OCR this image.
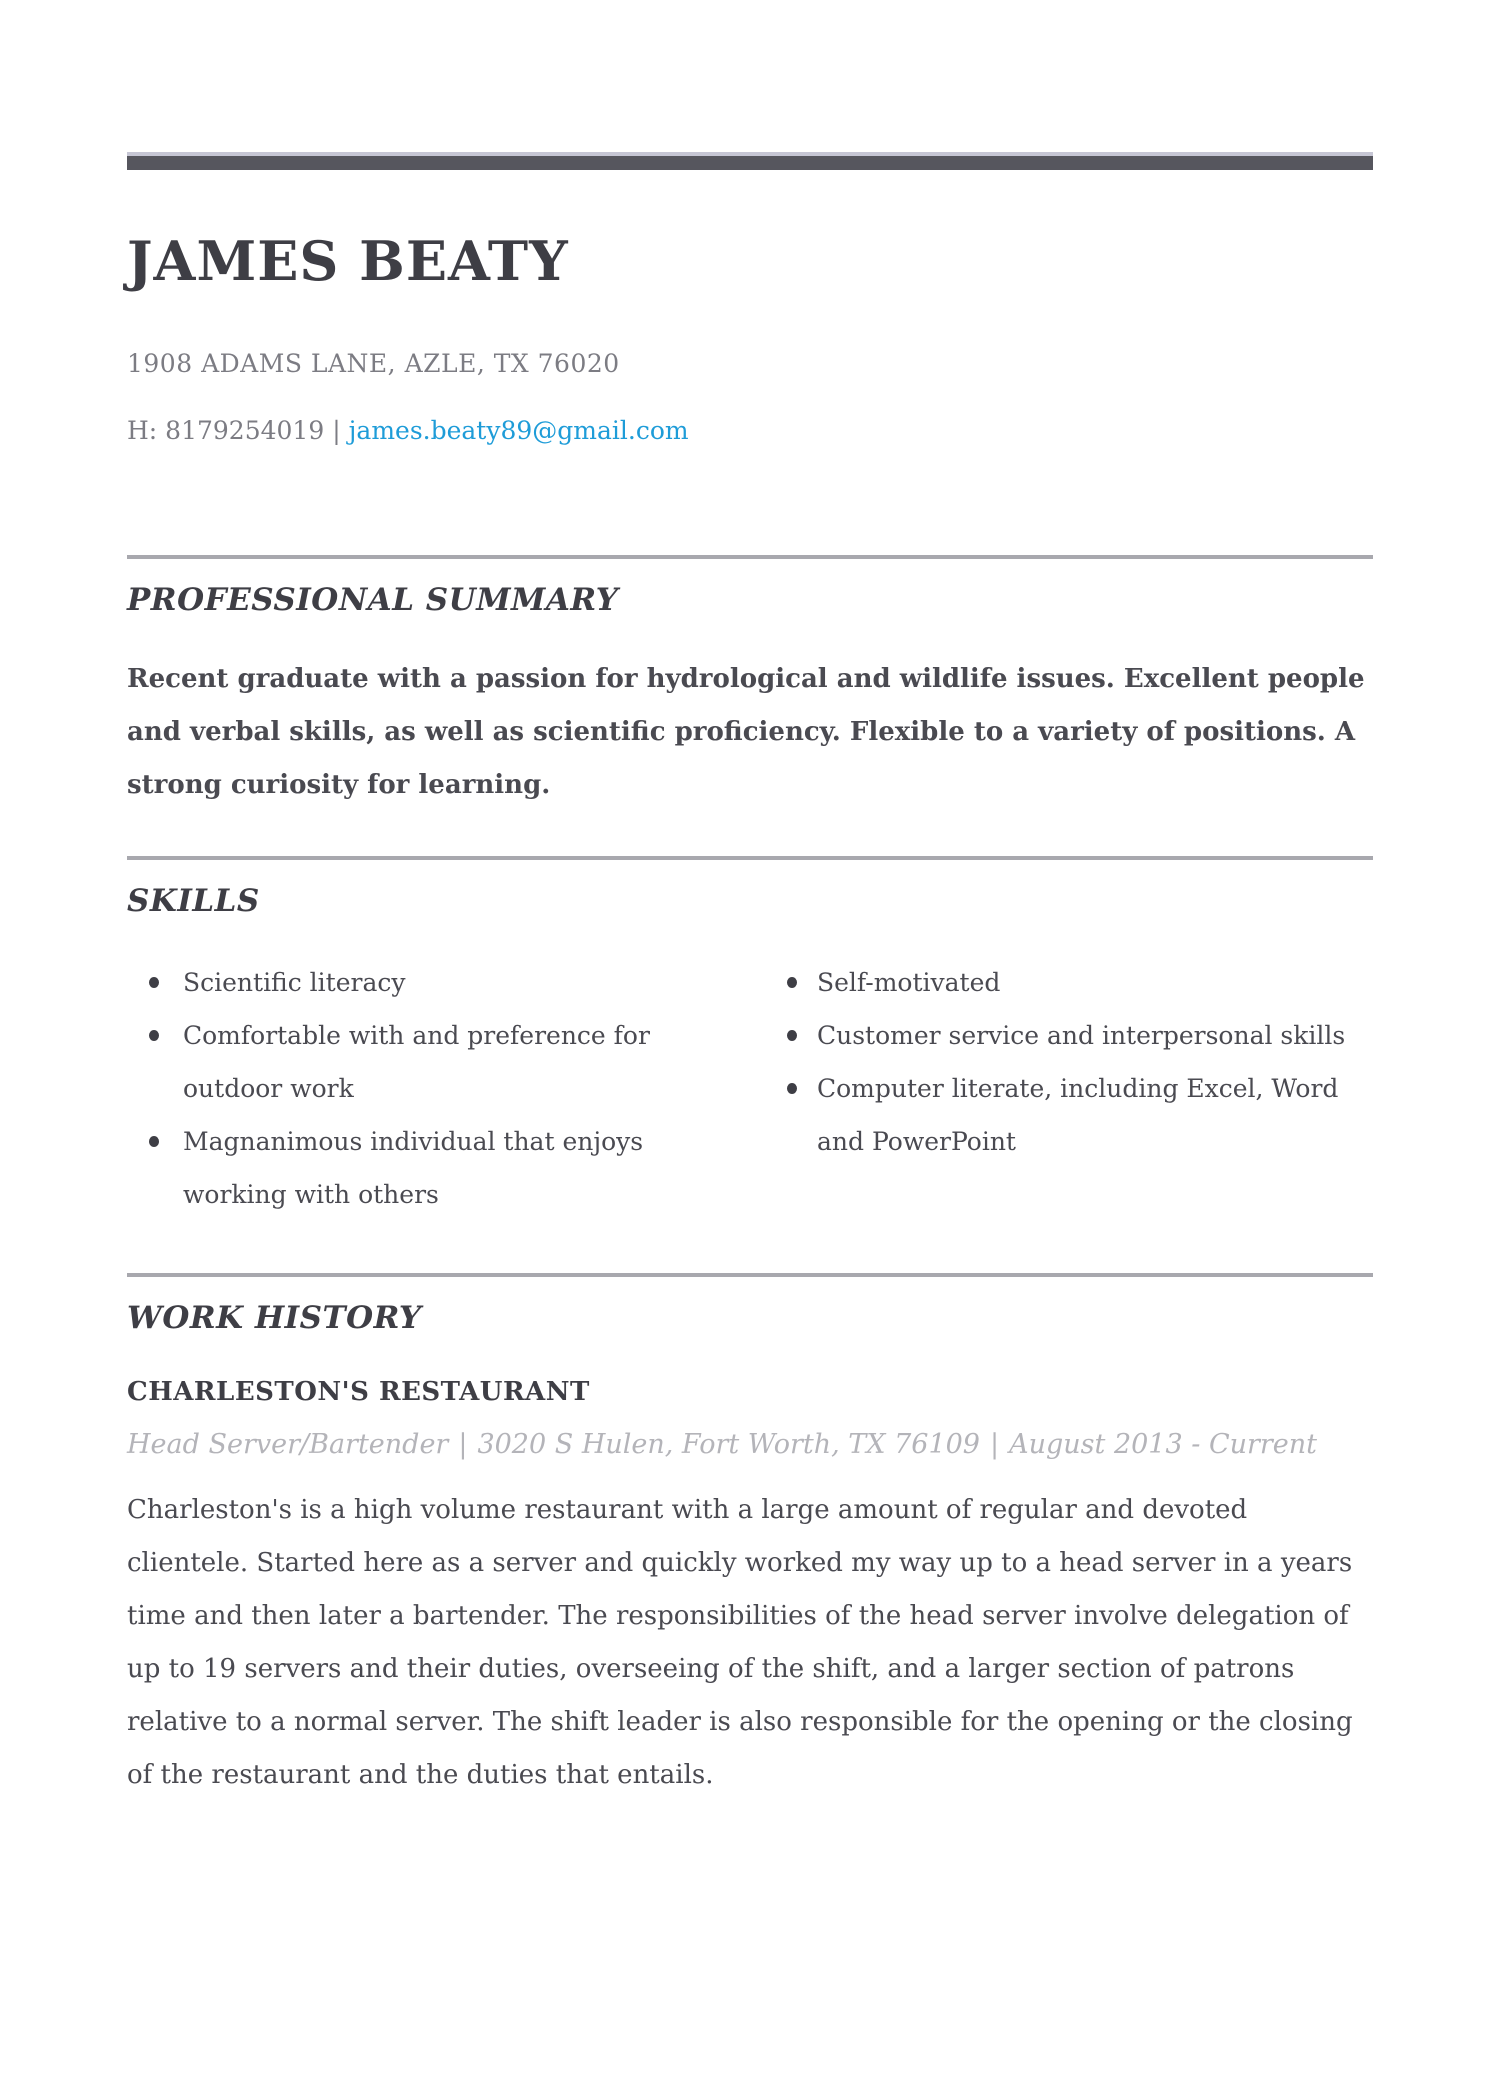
JAMES BEATY
1908 ADAMS LANE, AZLE, TX 76020
H: 8179254019 | james.beaty89@gmail.com
PROFESSIONAL SUMMARY

Recent graduate with a passion for hydrological and wildlife issues. Excellent people and verbal skills, as well as scientific proficiency. Flexible to a variety of positions. A strong curiosity for learning.

SKILLS
Scientific literacy
Comfortable with and preference for outdoor work
Magnanimous individual that enjoys working with others
Self-motivated
Customer service and interpersonal skills
Computer literate, including Excel, Word and PowerPoint
WORK HISTORY
CHARLESTON'S RESTAURANT
Head Server/Bartender | 3020 S Hulen, Fort Worth, TX 76109 | August 2013 - Current

Charleston's is a high volume restaurant with a large amount of regular and devoted clientele. Started here as a server and quickly worked my way up to a head server in a years time and then later a bartender. The responsibilities of the head server involve delegation of up to 19 servers and their duties, overseeing of the shift, and a larger section of patrons relative to a normal server. The shift leader is also responsible for the opening or the closing of the restaurant and the duties that entails.
